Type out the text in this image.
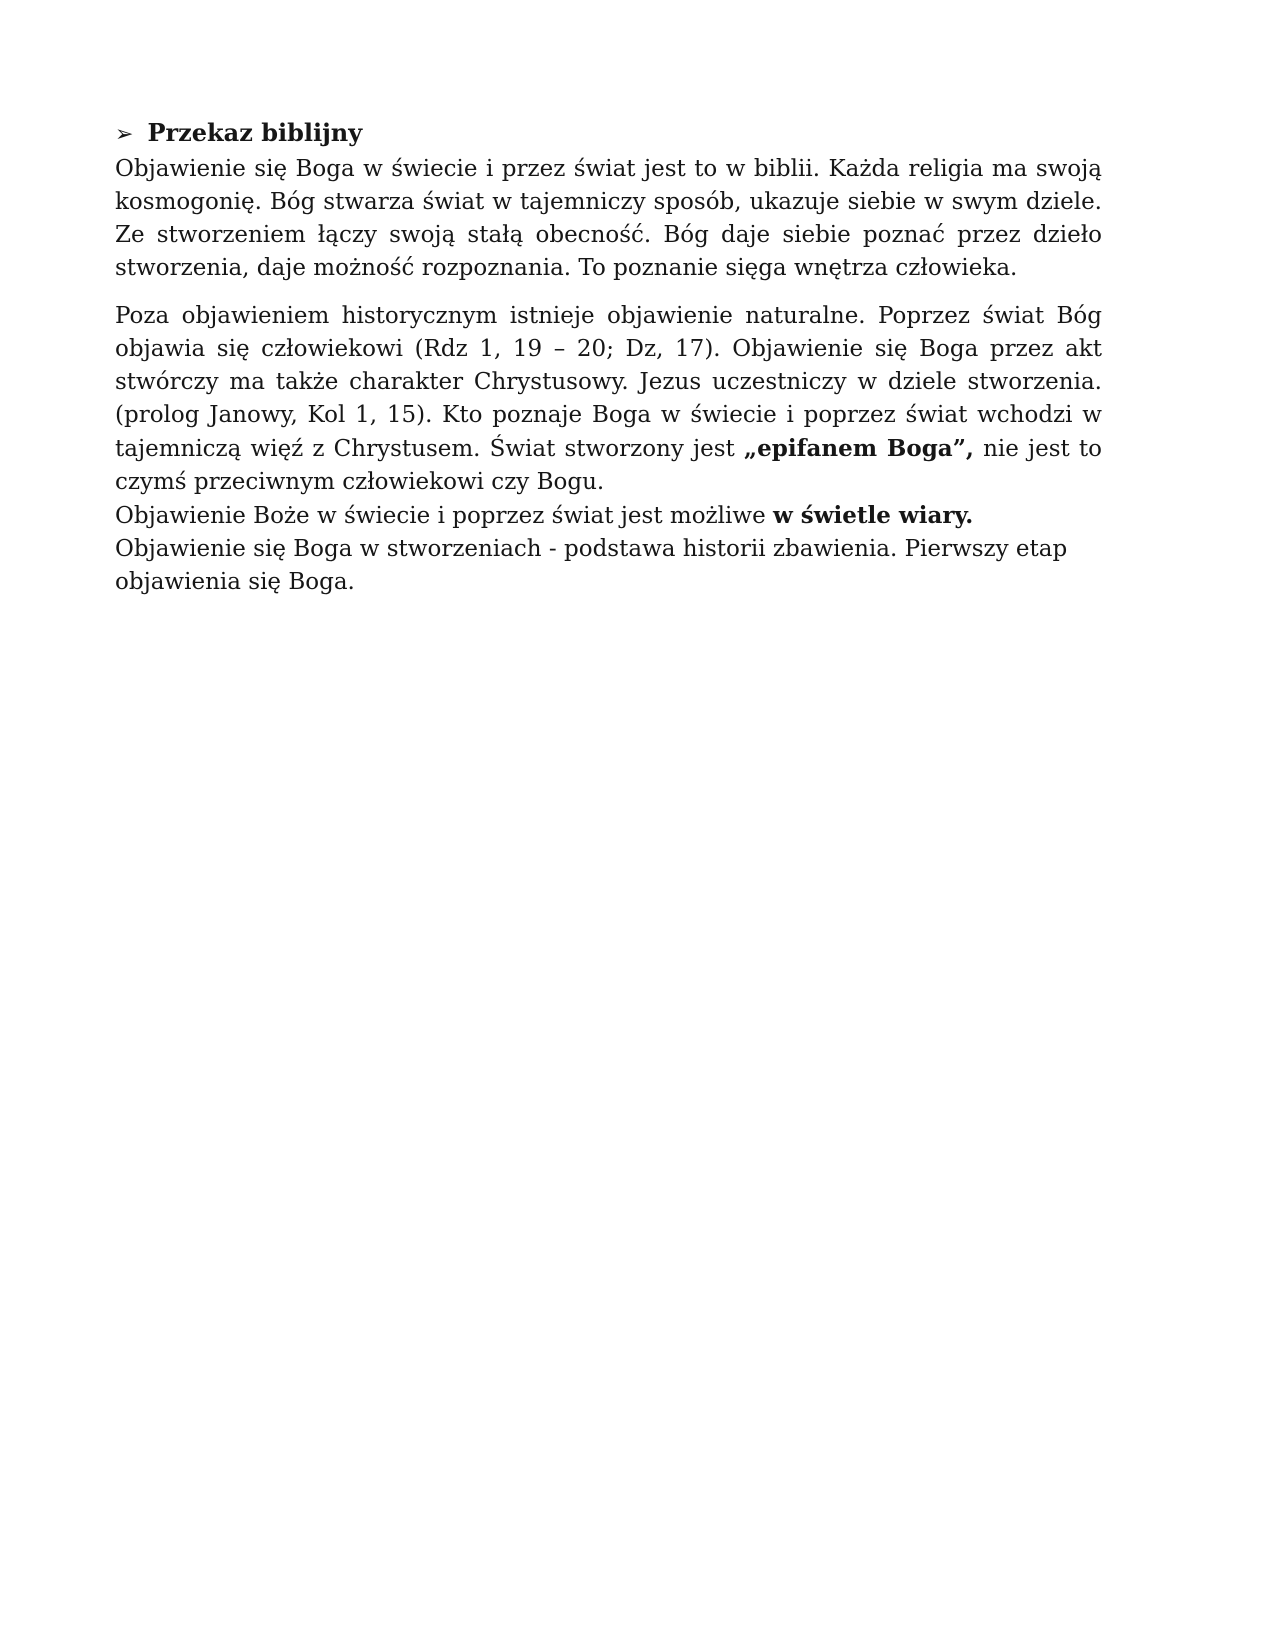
➢ Przekaz biblijny

Objawienie się Boga w świecie i przez świat jest to w biblii. Każda religia ma swoją kosmogonię. Bóg stwarza świat w tajemniczy sposób, ukazuje siebie w swym dziele. Ze stworzeniem łączy swoją stałą obecność. Bóg daje siebie poznać przez dzieło stworzenia, daje możność rozpoznania. To poznanie sięga wnętrza człowieka.

Poza objawieniem historycznym istnieje objawienie naturalne. Poprzez świat Bóg objawia się człowiekowi (Rdz 1, 19 – 20; Dz, 17). Objawienie się Boga przez akt stwórczy ma także charakter Chrystusowy. Jezus uczestniczy w dziele stworzenia. (prolog Janowy, Kol 1, 15). Kto poznaje Boga w świecie i poprzez świat wchodzi w tajemniczą więź z Chrystusem. Świat stworzony jest „epifanem Boga”, nie jest to czymś przeciwnym człowiekowi czy Bogu.

Objawienie Boże w świecie i poprzez świat jest możliwe w świetle wiary.

Objawienie się Boga w stworzeniach - podstawa historii zbawienia. Pierwszy etap objawienia się Boga.
